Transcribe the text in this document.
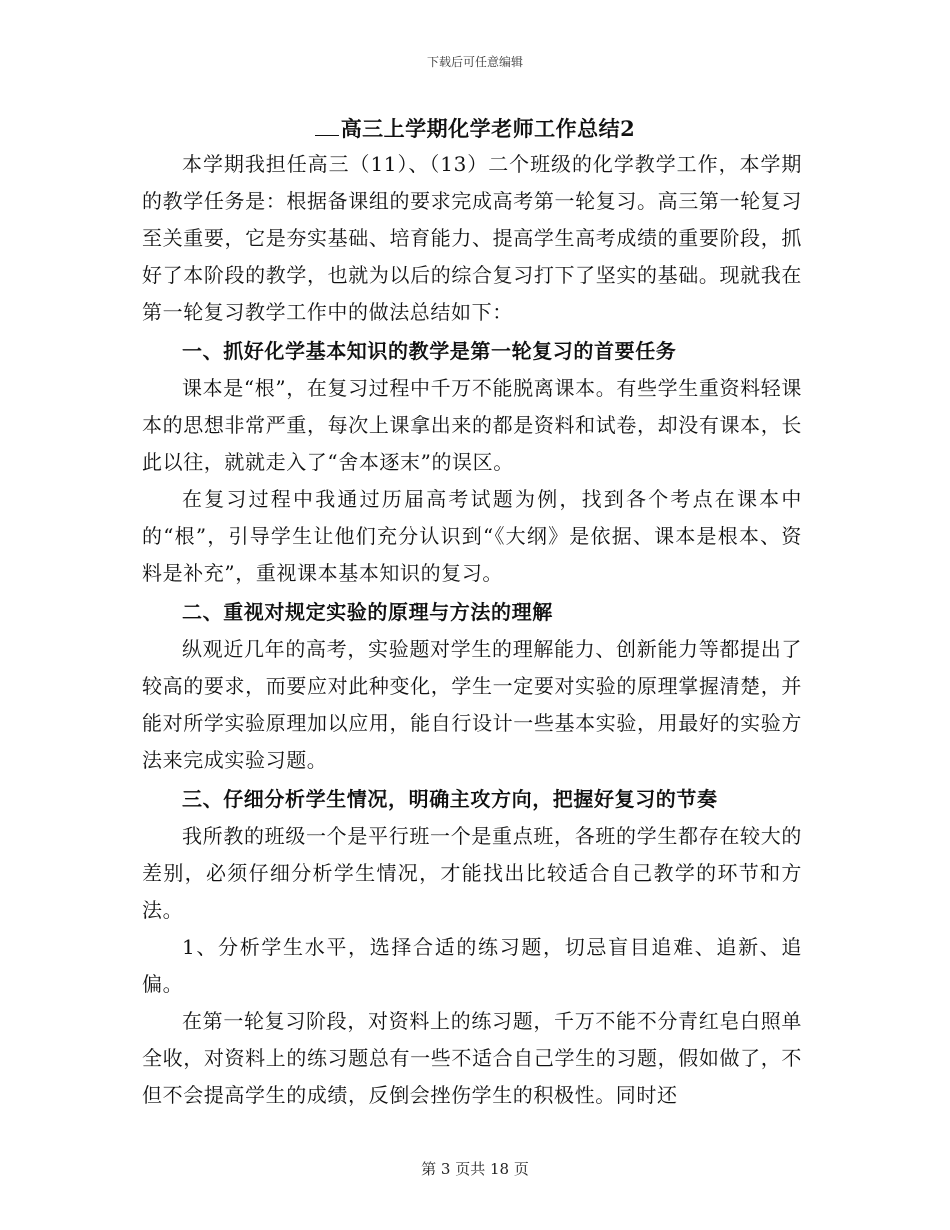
下载后可任意编辑
高三上学期化学老师工作总结2

本学期我担任高三（11）、（13）二个班级的化学教学工作，本学期的教学任务是：根据备课组的要求完成高考第一轮复习。高三第一轮复习至关重要，它是夯实基础、培育能力、提高学生高考成绩的重要阶段，抓好了本阶段的教学，也就为以后的综合复习打下了坚实的基础。现就我在第一轮复习教学工作中的做法总结如下：

一、抓好化学基本知识的教学是第一轮复习的首要任务

课本是“根”，在复习过程中千万不能脱离课本。有些学生重资料轻课本的思想非常严重，每次上课拿出来的都是资料和试卷，却没有课本，长此以往，就就走入了“舍本逐末”的误区。

在复习过程中我通过历届高考试题为例，找到各个考点在课本中的“根”，引导学生让他们充分认识到“《大纲》是依据、课本是根本、资料是补充”，重视课本基本知识的复习。

二、重视对规定实验的原理与方法的理解

纵观近几年的高考，实验题对学生的理解能力、创新能力等都提出了较高的要求，而要应对此种变化，学生一定要对实验的原理掌握清楚，并能对所学实验原理加以应用，能自行设计一些基本实验，用最好的实验方法来完成实验习题。

三、仔细分析学生情况，明确主攻方向，把握好复习的节奏

我所教的班级一个是平行班一个是重点班，各班的学生都存在较大的差别，必须仔细分析学生情况，才能找出比较适合自己教学的环节和方法。

1、分析学生水平，选择合适的练习题，切忌盲目追难、追新、追偏。

在第一轮复习阶段，对资料上的练习题，千万不能不分青红皂白照单全收，对资料上的练习题总有一些不适合自己学生的习题，假如做了，不但不会提高学生的成绩，反倒会挫伤学生的积极性。同时还

第 3 页共 18 页
